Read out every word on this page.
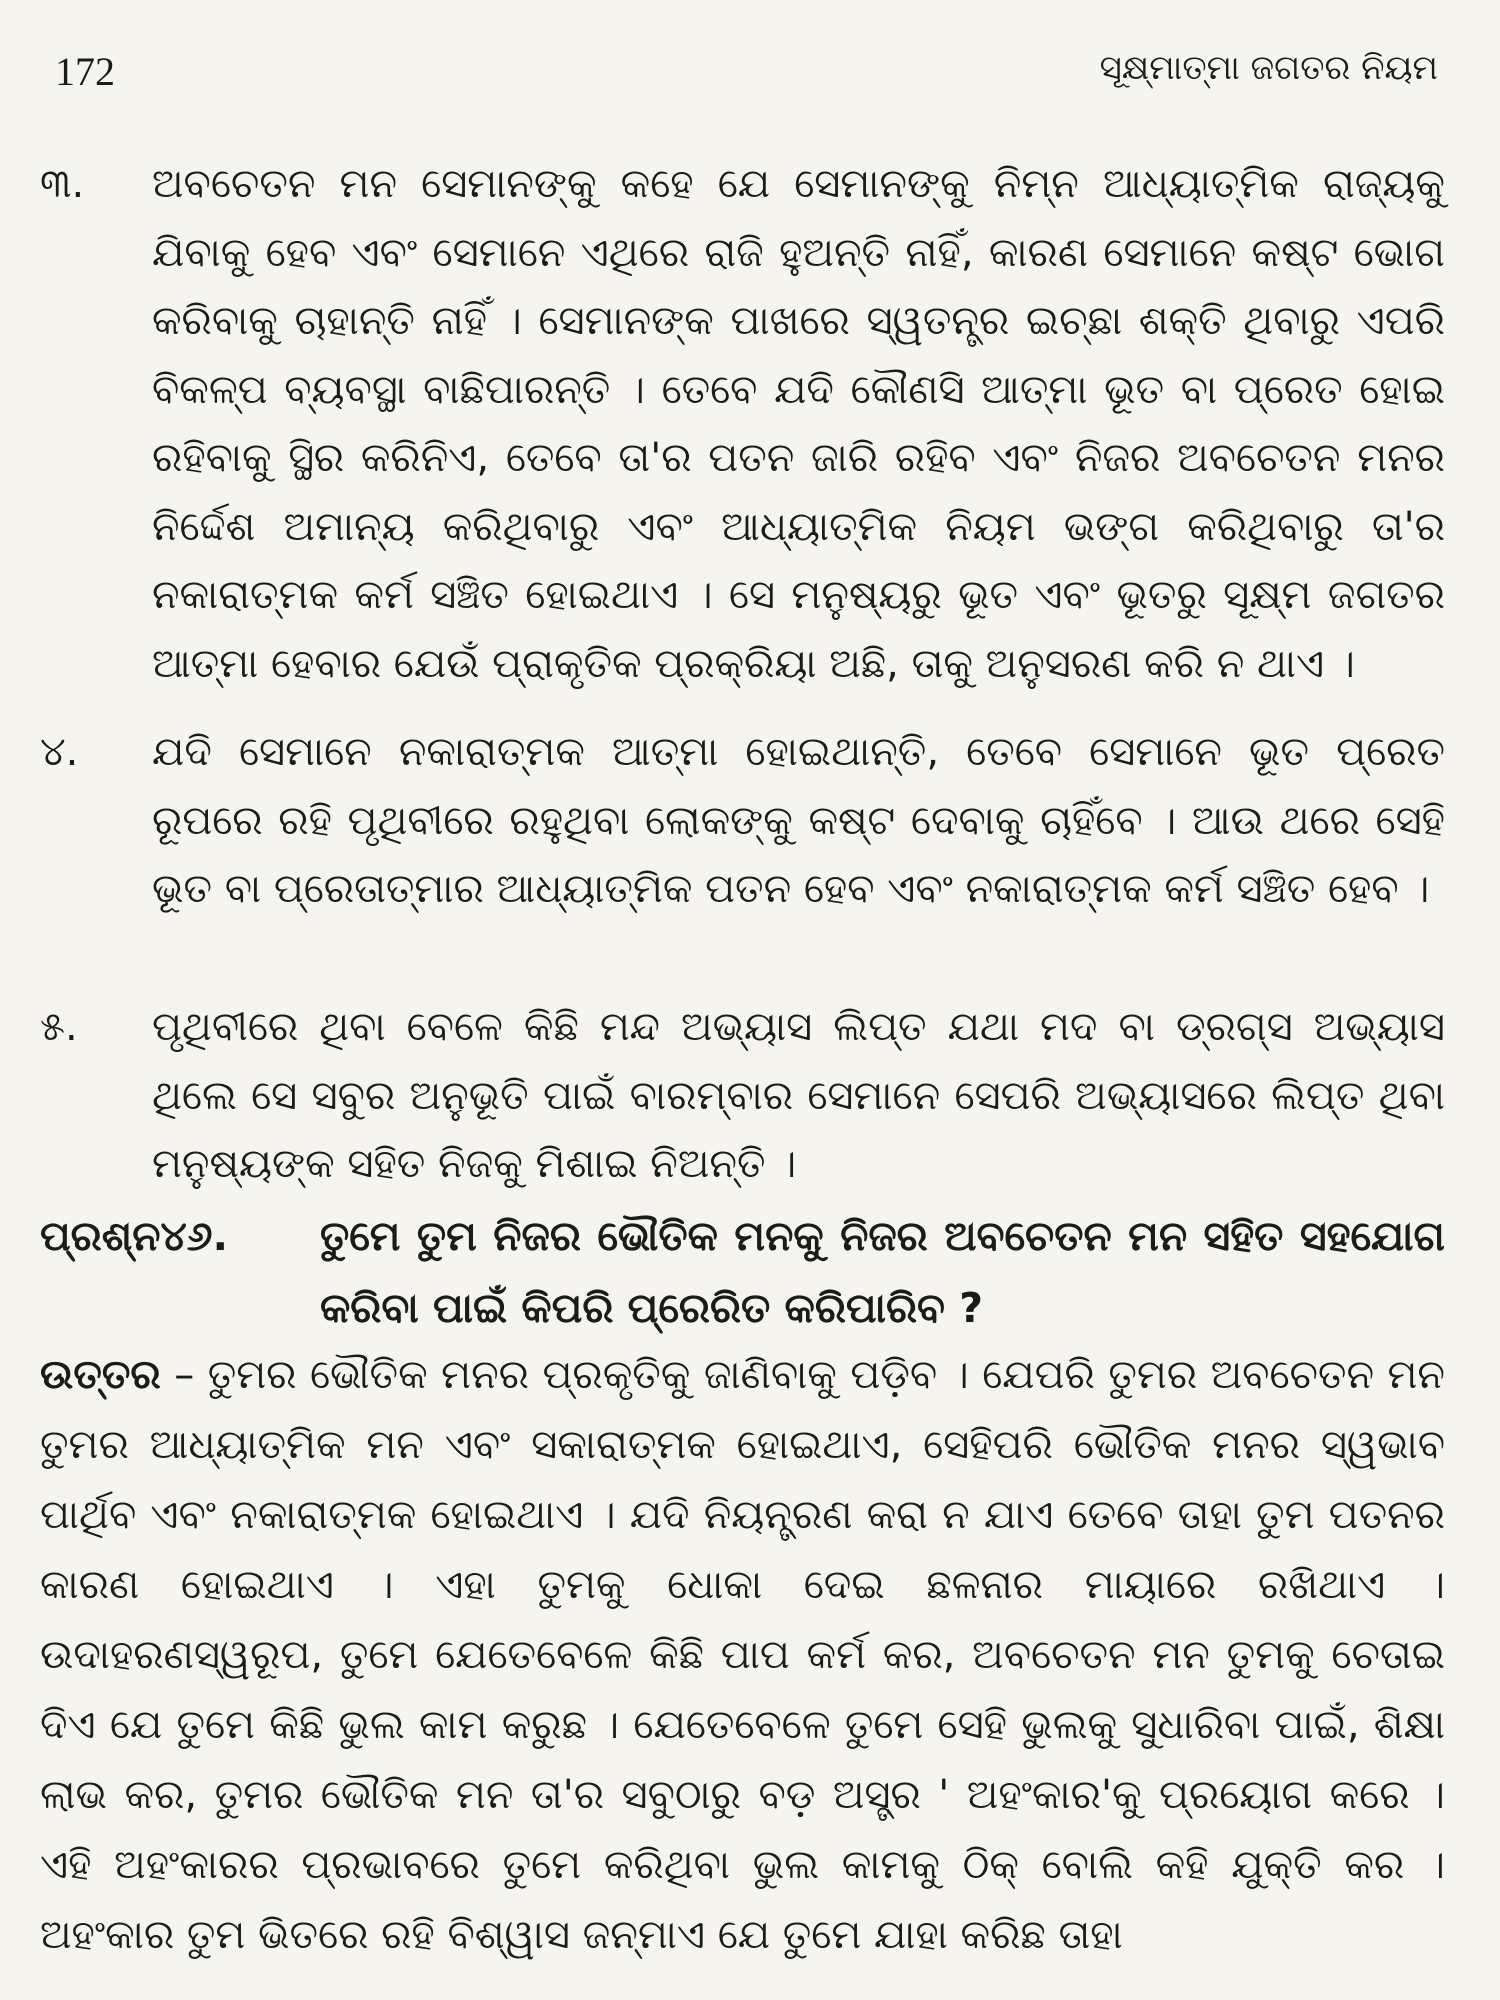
172	ସୂକ୍ଷ୍ମାତ୍ମା ଜଗତର ନିୟମ
୩.	ଅବଚେତନ ମନ ସେମାନଙ୍କୁ କହେ ଯେ ସେମାନଙ୍କୁ ନିମ୍ନ ଆଧ୍ୟାତ୍ମିକ ରାଜ୍ୟକୁ ଯିବାକୁ ହେବ ଏବଂ ସେମାନେ ଏଥିରେ ରାଜି ହୁଅନ୍ତି ନାହିଁ, କାରଣ ସେମାନେ କଷ୍ଟ ଭୋଗ କରିବାକୁ ଚାହାନ୍ତି ନାହିଁ । ସେମାନଙ୍କ ପାଖରେ ସ୍ୱତନ୍ତ୍ର ଇଚ୍ଛା ଶକ୍ତି ଥିବାରୁ ଏପରି ବିକଳ୍ପ ବ୍ୟବସ୍ଥା ବାଛିପାରନ୍ତି । ତେବେ ଯଦି କୌଣସି ଆତ୍ମା ଭୂତ ବା ପ୍ରେତ ହୋଇ ରହିବାକୁ ସ୍ଥିର କରିନିଏ, ତେବେ ତା'ର ପତନ ଜାରି ରହିବ ଏବଂ ନିଜର ଅବଚେତନ ମନର ନିର୍ଦ୍ଦେଶ ଅମାନ୍ୟ କରିଥିବାରୁ ଏବଂ ଆଧ୍ୟାତ୍ମିକ ନିୟମ ଭଙ୍ଗ କରିଥିବାରୁ ତା'ର ନକାରାତ୍ମକ କର୍ମ ସଞ୍ଚିତ ହୋଇଥାଏ । ସେ ମନୁଷ୍ୟରୁ ଭୂତ ଏବଂ ଭୂତରୁ ସୂକ୍ଷ୍ମ ଜଗତର ଆତ୍ମା ହେବାର ଯେଉଁ ପ୍ରାକୃତିକ ପ୍ରକ୍ରିୟା ଅଛି, ତାକୁ ଅନୁସରଣ କରି ନ ଥାଏ ।
୪.	ଯଦି ସେମାନେ ନକାରାତ୍ମକ ଆତ୍ମା ହୋଇଥାନ୍ତି, ତେବେ ସେମାନେ ଭୂତ ପ୍ରେତ ରୂପରେ ରହି ପୃଥିବୀରେ ରହୁଥିବା ଲୋକଙ୍କୁ କଷ୍ଟ ଦେବାକୁ ଚାହିଁବେ । ଆଉ ଥରେ ସେହି ଭୂତ ବା ପ୍ରେତାତ୍ମାର ଆଧ୍ୟାତ୍ମିକ ପତନ ହେବ ଏବଂ ନକାରାତ୍ମକ କର୍ମ ସଞ୍ଚିତ ହେବ ।
୫.	ପୃଥିବୀରେ ଥିବା ବେଳେ କିଛି ମନ୍ଦ ଅଭ୍ୟାସ ଲିପ୍ତ ଯଥା ମଦ ବା ଡ୍ରଗ୍ସ ଅଭ୍ୟାସ ଥିଲେ ସେ ସବୁର ଅନୁଭୂତି ପାଇଁ ବାରମ୍ବାର ସେମାନେ ସେପରି ଅଭ୍ୟାସରେ ଲିପ୍ତ ଥିବା ମନୁଷ୍ୟଙ୍କ ସହିତ ନିଜକୁ ମିଶାଇ ନିଅନ୍ତି ।
ପ୍ରଶ୍ନ୪୬. ତୁମେ ତୁମ ନିଜର ଭୌତିକ ମନକୁ ନିଜର ଅବଚେତନ ମନ ସହିତ ସହଯୋଗ କରିବା ପାଇଁ କିପରି ପ୍ରେରିତ କରିପାରିବ ?
ଉତ୍ତର – ତୁମର ଭୌତିକ ମନର ପ୍ରକୃତିକୁ ଜାଣିବାକୁ ପଡ଼ିବ । ଯେପରି ତୁମର ଅବଚେତନ ମନ ତୁମର ଆଧ୍ୟାତ୍ମିକ ମନ ଏବଂ ସକାରାତ୍ମକ ହୋଇଥାଏ, ସେହିପରି ଭୌତିକ ମନର ସ୍ୱଭାବ ପାର୍ଥିବ ଏବଂ ନକାରାତ୍ମକ ହୋଇଥାଏ । ଯଦି ନିୟନ୍ତ୍ରଣ କରା ନ ଯାଏ ତେବେ ତାହା ତୁମ ପତନର କାରଣ ହୋଇଥାଏ । ଏହା ତୁମକୁ ଧୋକା ଦେଇ ଛଳନାର ମାୟାରେ ରଖିଥାଏ । ଉଦାହରଣସ୍ୱରୂପ, ତୁମେ ଯେତେବେଳେ କିଛି ପାପ କର୍ମ କର, ଅବଚେତନ ମନ ତୁମକୁ ଚେତାଇ ଦିଏ ଯେ ତୁମେ କିଛି ଭୁଲ କାମ କରୁଛ । ଯେତେବେଳେ ତୁମେ ସେହି ଭୁଲକୁ ସୁଧାରିବା ପାଇଁ, ଶିକ୍ଷା ଲାଭ କର, ତୁମର ଭୌତିକ ମନ ତା'ର ସବୁଠାରୁ ବଡ଼ ଅସ୍ତ୍ର ' ଅହଂକାର'କୁ ପ୍ରୟୋଗ କରେ । ଏହି ଅହଂକାରର ପ୍ରଭାବରେ ତୁମେ କରିଥିବା ଭୁଲ କାମକୁ ଠିକ୍ ବୋଲି କହି ଯୁକ୍ତି କର । ଅହଂକାର ତୁମ ଭିତରେ ରହି ବିଶ୍ୱାସ ଜନ୍ମାଏ ଯେ ତୁମେ ଯାହା କରିଛ ତାହା
